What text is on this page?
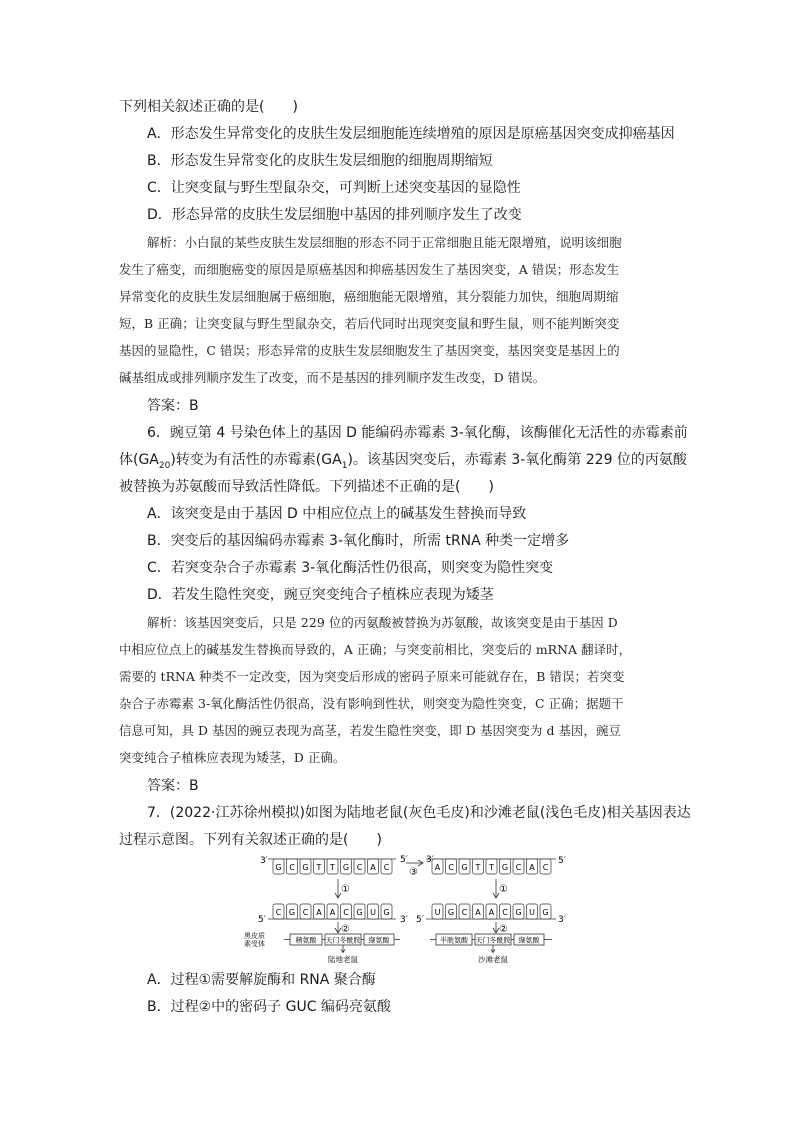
下列相关叙述正确的是(　　)
A．形态发生异常变化的皮肤生发层细胞能连续增殖的原因是原癌基因突变成抑癌基因
B．形态发生异常变化的皮肤生发层细胞的细胞周期缩短
C．让突变鼠与野生型鼠杂交，可判断上述突变基因的显隐性
D．形态异常的皮肤生发层细胞中基因的排列顺序发生了改变
解析：小白鼠的某些皮肤生发层细胞的形态不同于正常细胞且能无限增殖，说明该细胞
发生了癌变，而细胞癌变的原因是原癌基因和抑癌基因发生了基因突变，A 错误；形态发生
异常变化的皮肤生发层细胞属于癌细胞，癌细胞能无限增殖，其分裂能力加快，细胞周期缩
短，B 正确；让突变鼠与野生型鼠杂交，若后代同时出现突变鼠和野生鼠，则不能判断突变
基因的显隐性，C 错误；形态异常的皮肤生发层细胞发生了基因突变，基因突变是基因上的
碱基组成或排列顺序发生了改变，而不是基因的排列顺序发生改变，D 错误。
答案：B
6．豌豆第 4 号染色体上的基因 D 能编码赤霉素 3-氧化酶，该酶催化无活性的赤霉素前
体$(GA_{20})$转变为有活性的赤霉素$(GA_1)$。该基因突变后，赤霉素 3-氧化酶第 229 位的丙氨酸
被替换为苏氨酸而导致活性降低。下列描述不正确的是(　　)
A．该突变是由于基因 D 中相应位点上的碱基发生替换而导致
B．突变后的基因编码赤霉素 3-氧化酶时，所需 tRNA 种类一定增多
C．若突变杂合子赤霉素 3-氧化酶活性仍很高，则突变为隐性突变
D．若发生隐性突变，豌豆突变纯合子植株应表现为矮茎
解析：该基因突变后，只是 229 位的丙氨酸被替换为苏氨酸，故该突变是由于基因 D
中相应位点上的碱基发生替换而导致的，A 正确；与突变前相比，突变后的 mRNA 翻译时，
需要的 tRNA 种类不一定改变，因为突变后形成的密码子原来可能就存在，B 错误；若突变
杂合子赤霉素 3-氧化酶活性仍很高，没有影响到性状，则突变为隐性突变，C 正确；据题干
信息可知，具 D 基因的豌豆表现为高茎，若发生隐性突变，即 D 基因突变为 d 基因，豌豆
突变纯合子植株应表现为矮茎，D 正确。
答案：B
7．(2022·江苏徐州模拟)如图为陆地老鼠(灰色毛皮)和沙滩老鼠(浅色毛皮)相关基因表达
过程示意图。下列有关叙述正确的是(　　)
G C G T T G C A C	A C G T T G C A C
C G C A A C G U G	U G C A A C G U G
3′	5′
5′	3′
3′	5′
5′	3′
①
②
①
②
③
黑皮质
素受体	精氨酸 天门冬酰胺 缬氨酸	半胱氨酸 天门冬酰胺 缬氨酸
陆地老鼠	沙滩老鼠
A．过程①需要解旋酶和 RNA 聚合酶
B．过程②中的密码子 GUC 编码亮氨酸
